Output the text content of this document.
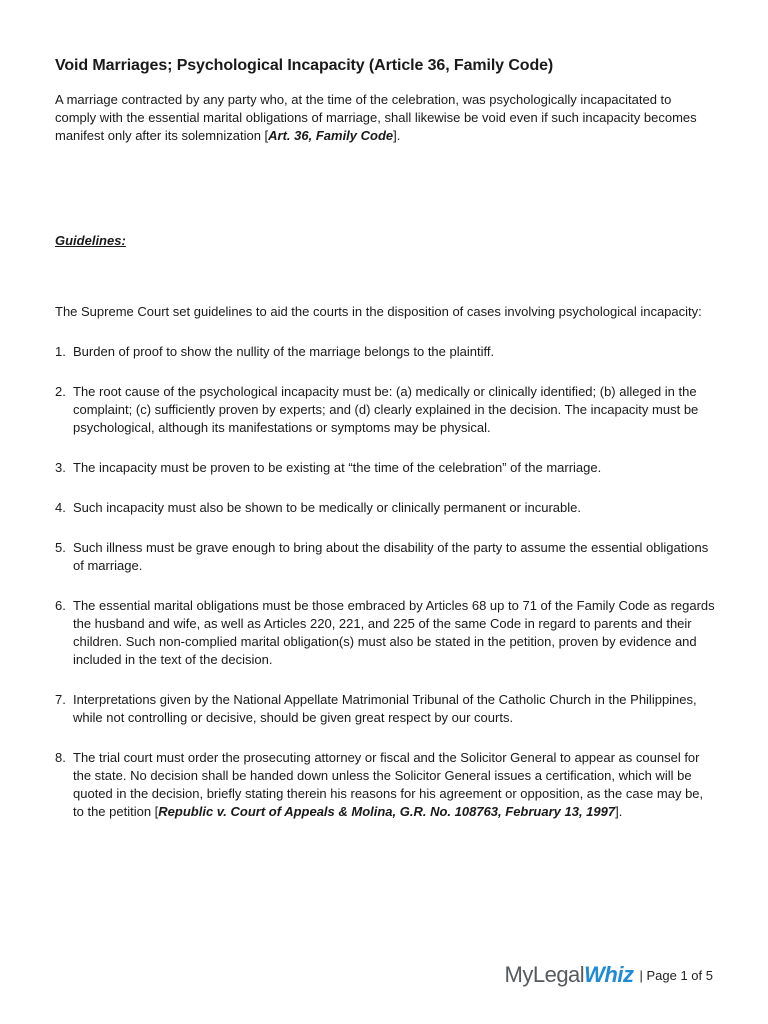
Void Marriages; Psychological Incapacity (Article 36, Family Code)

A marriage contracted by any party who, at the time of the celebration, was psychologically incapacitated to comply with the essential marital obligations of marriage, shall likewise be void even if such incapacity becomes manifest only after its solemnization [Art. 36, Family Code].

Guidelines:

The Supreme Court set guidelines to aid the courts in the disposition of cases involving psychological incapacity:

1. Burden of proof to show the nullity of the marriage belongs to the plaintiff.
2. The root cause of the psychological incapacity must be: (a) medically or clinically identified; (b) alleged in the complaint; (c) sufficiently proven by experts; and (d) clearly explained in the decision. The incapacity must be psychological, although its manifestations or symptoms may be physical.
3. The incapacity must be proven to be existing at “the time of the celebration” of the marriage.
4. Such incapacity must also be shown to be medically or clinically permanent or incurable.
5. Such illness must be grave enough to bring about the disability of the party to assume the essential obligations of marriage.
6. The essential marital obligations must be those embraced by Articles 68 up to 71 of the Family Code as regards the husband and wife, as well as Articles 220, 221, and 225 of the same Code in regard to parents and their children. Such non-complied marital obligation(s) must also be stated in the petition, proven by evidence and included in the text of the decision.
7. Interpretations given by the National Appellate Matrimonial Tribunal of the Catholic Church in the Philippines, while not controlling or decisive, should be given great respect by our courts.
8. The trial court must order the prosecuting attorney or fiscal and the Solicitor General to appear as counsel for the state. No decision shall be handed down unless the Solicitor General issues a certification, which will be quoted in the decision, briefly stating therein his reasons for his agreement or opposition, as the case may be, to the petition [Republic v. Court of Appeals & Molina, G.R. No. 108763, February 13, 1997].
MyLegalWhiz | Page 1 of 5
